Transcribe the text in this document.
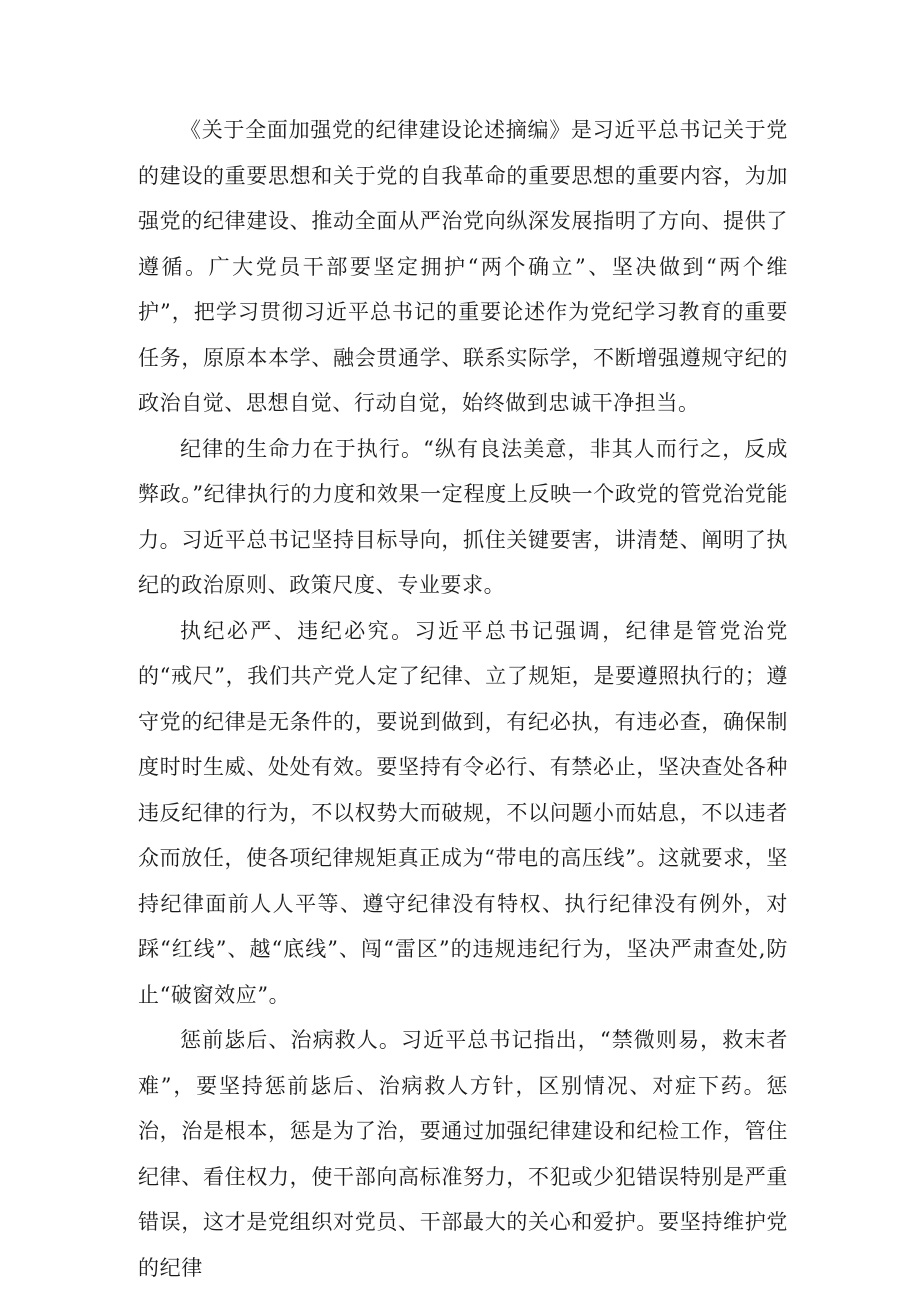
《关于全面加强党的纪律建设论述摘编》是习近平总书记关于党的建设的重要思想和关于党的自我革命的重要思想的重要内容，为加强党的纪律建设、推动全面从严治党向纵深发展指明了方向、提供了遵循。广大党员干部要坚定拥护“两个确立”、坚决做到“两个维护”，把学习贯彻习近平总书记的重要论述作为党纪学习教育的重要任务，原原本本学、融会贯通学、联系实际学，不断增强遵规守纪的政治自觉、思想自觉、行动自觉，始终做到忠诚干净担当。

纪律的生命力在于执行。“纵有良法美意，非其人而行之，反成弊政。”纪律执行的力度和效果一定程度上反映一个政党的管党治党能力。习近平总书记坚持目标导向，抓住关键要害，讲清楚、阐明了执纪的政治原则、政策尺度、专业要求。

执纪必严、违纪必究。习近平总书记强调，纪律是管党治党的“戒尺”，我们共产党人定了纪律、立了规矩，是要遵照执行的；遵守党的纪律是无条件的，要说到做到，有纪必执，有违必查，确保制度时时生威、处处有效。要坚持有令必行、有禁必止，坚决查处各种违反纪律的行为，不以权势大而破规，不以问题小而姑息，不以违者众而放任，使各项纪律规矩真正成为“带电的高压线”。这就要求，坚持纪律面前人人平等、遵守纪律没有特权、执行纪律没有例外，对踩“红线”、越“底线”、闯“雷区”的违规违纪行为，坚决严肃查处,防止“破窗效应”。

惩前毖后、治病救人。习近平总书记指出，“禁微则易，救末者难”，要坚持惩前毖后、治病救人方针，区别情况、对症下药。惩治，治是根本，惩是为了治，要通过加强纪律建设和纪检工作，管住纪律、看住权力，使干部向高标准努力，不犯或少犯错误特别是严重错误，这才是党组织对党员、干部最大的关心和爱护。要坚持维护党的纪律
